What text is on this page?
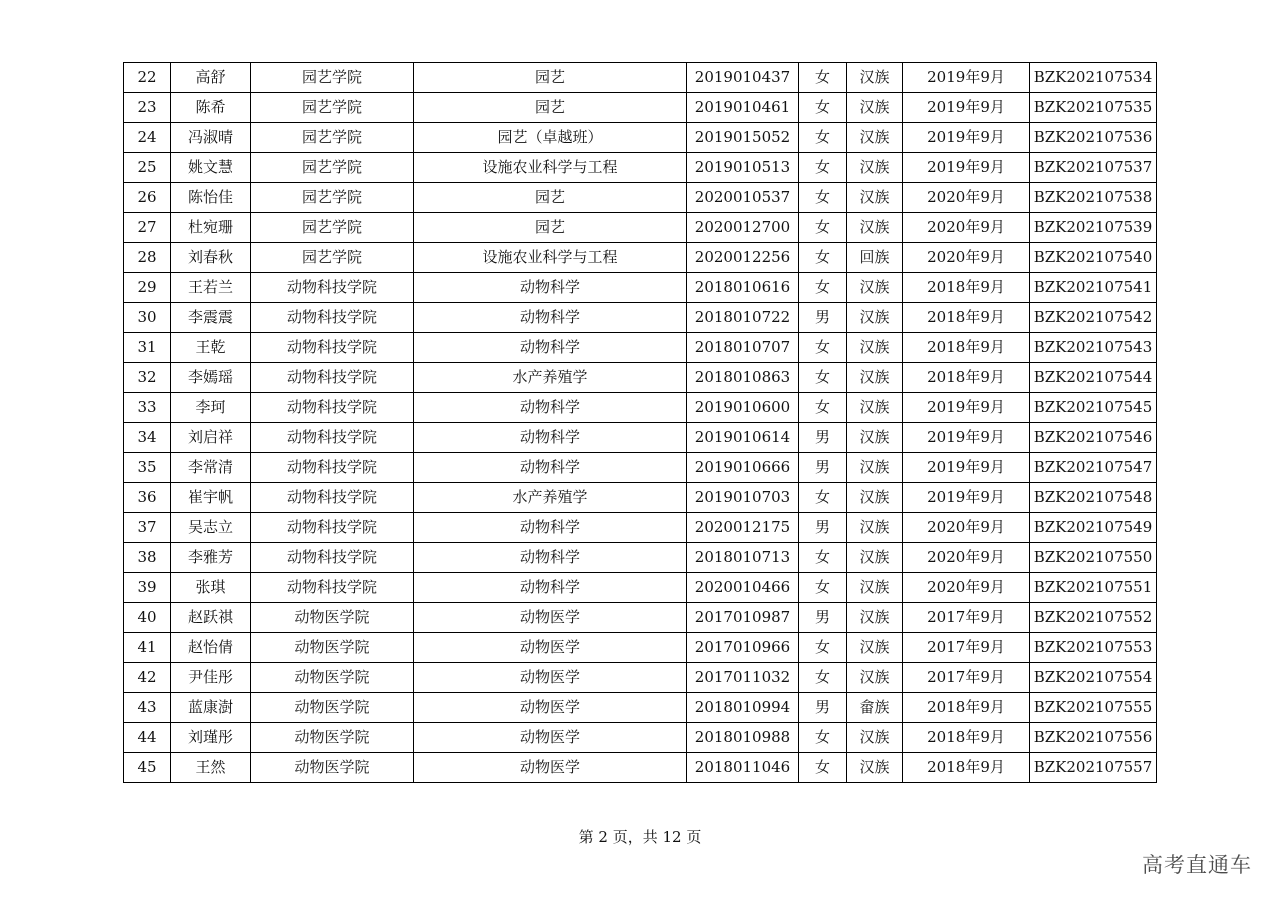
22	高舒	园艺学院	园艺	2019010437	女	汉族	2019年9月	BZK202107534
23	陈希	园艺学院	园艺	2019010461	女	汉族	2019年9月	BZK202107535
24	冯淑晴	园艺学院	园艺（卓越班）	2019015052	女	汉族	2019年9月	BZK202107536
25	姚文慧	园艺学院	设施农业科学与工程	2019010513	女	汉族	2019年9月	BZK202107537
26	陈怡佳	园艺学院	园艺	2020010537	女	汉族	2020年9月	BZK202107538
27	杜宛珊	园艺学院	园艺	2020012700	女	汉族	2020年9月	BZK202107539
28	刘春秋	园艺学院	设施农业科学与工程	2020012256	女	回族	2020年9月	BZK202107540
29	王若兰	动物科技学院	动物科学	2018010616	女	汉族	2018年9月	BZK202107541
30	李震震	动物科技学院	动物科学	2018010722	男	汉族	2018年9月	BZK202107542
31	王乾	动物科技学院	动物科学	2018010707	女	汉族	2018年9月	BZK202107543
32	李嫣瑶	动物科技学院	水产养殖学	2018010863	女	汉族	2018年9月	BZK202107544
33	李珂	动物科技学院	动物科学	2019010600	女	汉族	2019年9月	BZK202107545
34	刘启祥	动物科技学院	动物科学	2019010614	男	汉族	2019年9月	BZK202107546
35	李常清	动物科技学院	动物科学	2019010666	男	汉族	2019年9月	BZK202107547
36	崔宇帆	动物科技学院	水产养殖学	2019010703	女	汉族	2019年9月	BZK202107548
37	吴志立	动物科技学院	动物科学	2020012175	男	汉族	2020年9月	BZK202107549
38	李雅芳	动物科技学院	动物科学	2018010713	女	汉族	2020年9月	BZK202107550
39	张琪	动物科技学院	动物科学	2020010466	女	汉族	2020年9月	BZK202107551
40	赵跃祺	动物医学院	动物医学	2017010987	男	汉族	2017年9月	BZK202107552
41	赵怡倩	动物医学院	动物医学	2017010966	女	汉族	2017年9月	BZK202107553
42	尹佳彤	动物医学院	动物医学	2017011032	女	汉族	2017年9月	BZK202107554
43	蓝康澍	动物医学院	动物医学	2018010994	男	畲族	2018年9月	BZK202107555
44	刘瑾彤	动物医学院	动物医学	2018010988	女	汉族	2018年9月	BZK202107556
45	王然	动物医学院	动物医学	2018011046	女	汉族	2018年9月	BZK202107557
第 2 页，共 12 页
高考直通车
